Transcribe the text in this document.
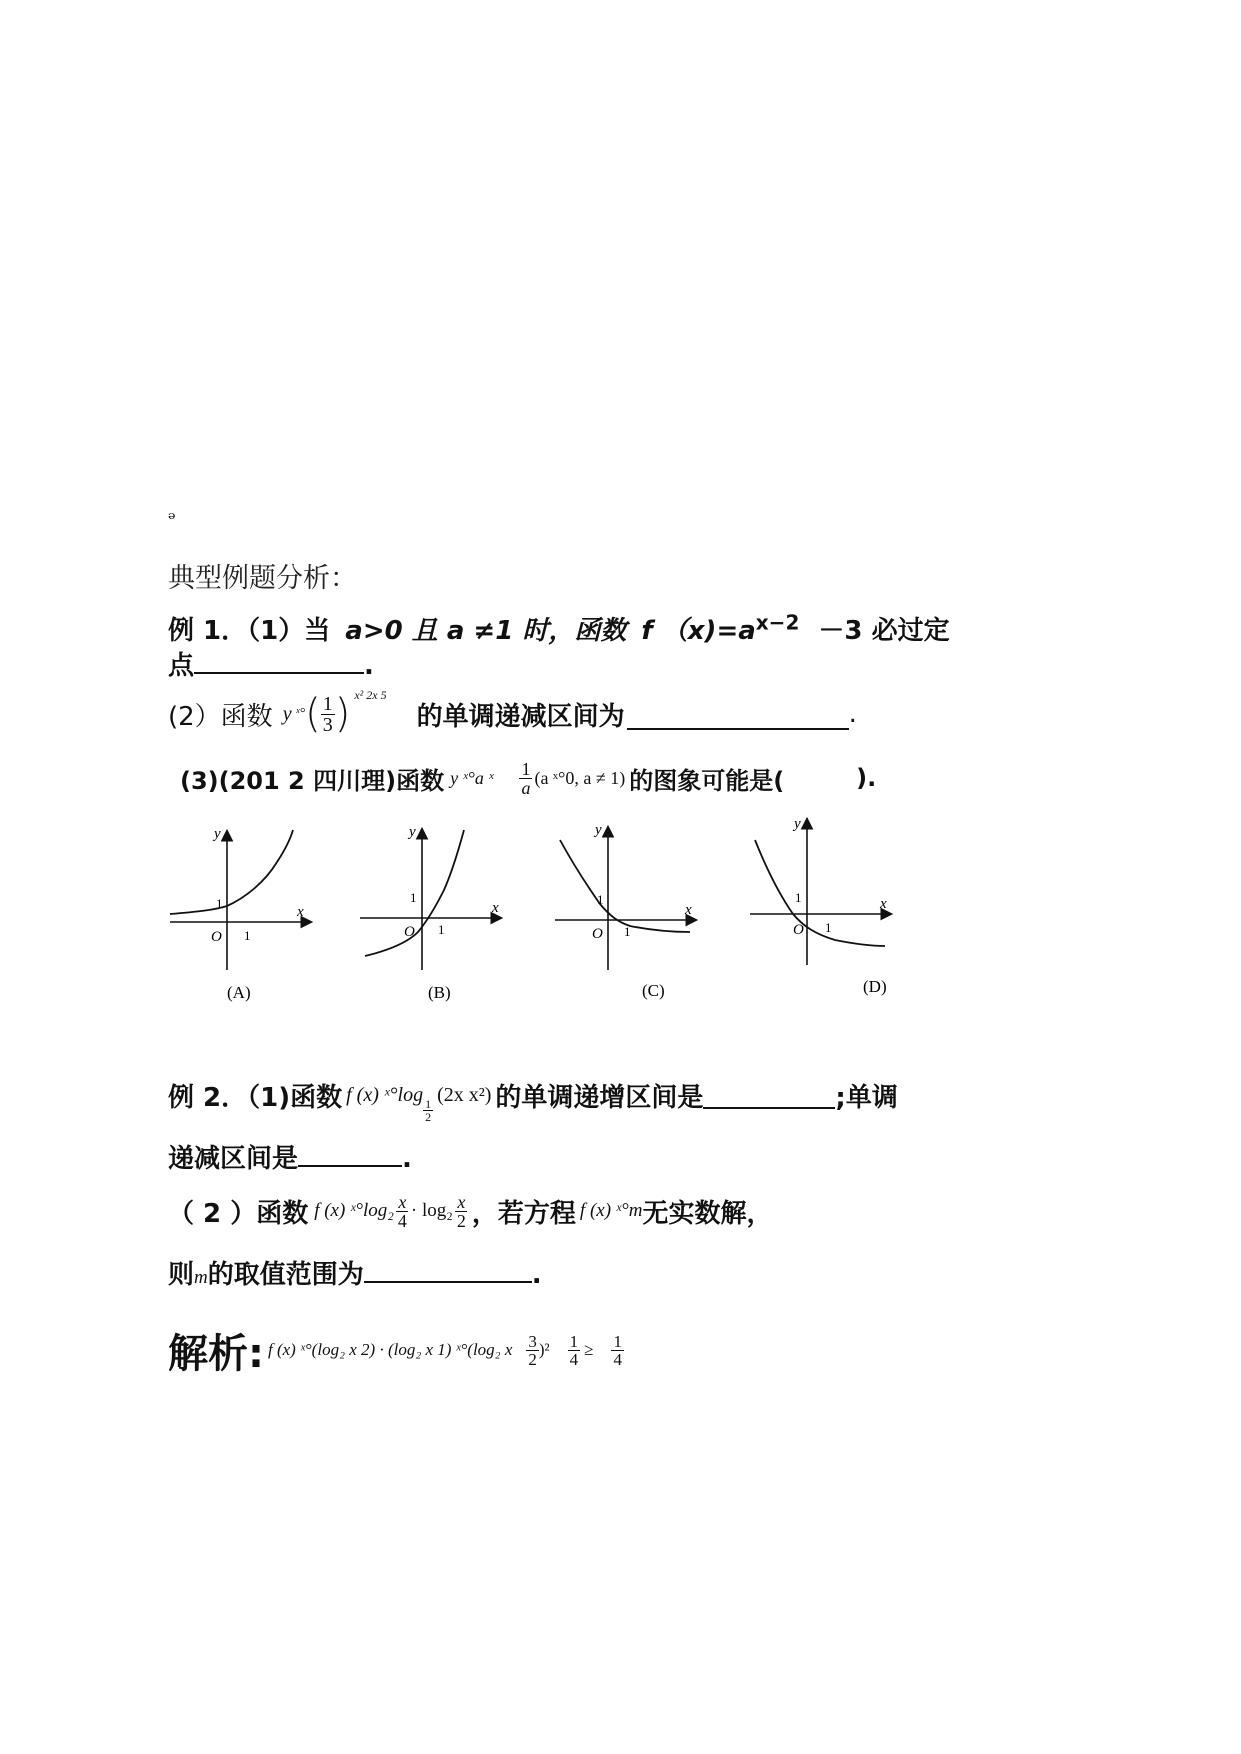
ₔ
典型例题分析：
例 1．（1）当 a>0 且 a ≠1 时，函数 f $(x)=a^{x-2} -3$ 必过定
点	.
(2）函数 y ˣ° ( $\frac{1}{3}$ ) x² 2x 5
的单调递减区间为	.
(3)(201 2 四川理)函数 y ˣ°a ˣ $\frac{1}{a} (a$ ˣ°0, a ≠ 1) 的图象可能是(	).
y
x
O
1
1
(A)
y
x
O
1
1
(B)
y
x
O
1
1
(C)
y
x
O
1
1
(D)
例 2．（1)函数 f (x) ˣ°log
$\frac{1}{2}$
(2x x²) 的单调递增区间是	;单调
递减区间是	.
（ 2 ）函数 f (x) ˣ°log₂ $\frac{x}{4} \cdot \log_2 \frac{x}{2}$ ，若方程 f (x) ˣ°m 无实数解，
则m的取值范围为	.
解析: f (x) ˣ°(log₂ x 2) · (log₂ x 1) ˣ°(log₂ x $\frac{3}{2} )^2 \frac{1}{4} \ge \frac{1}{4}$
